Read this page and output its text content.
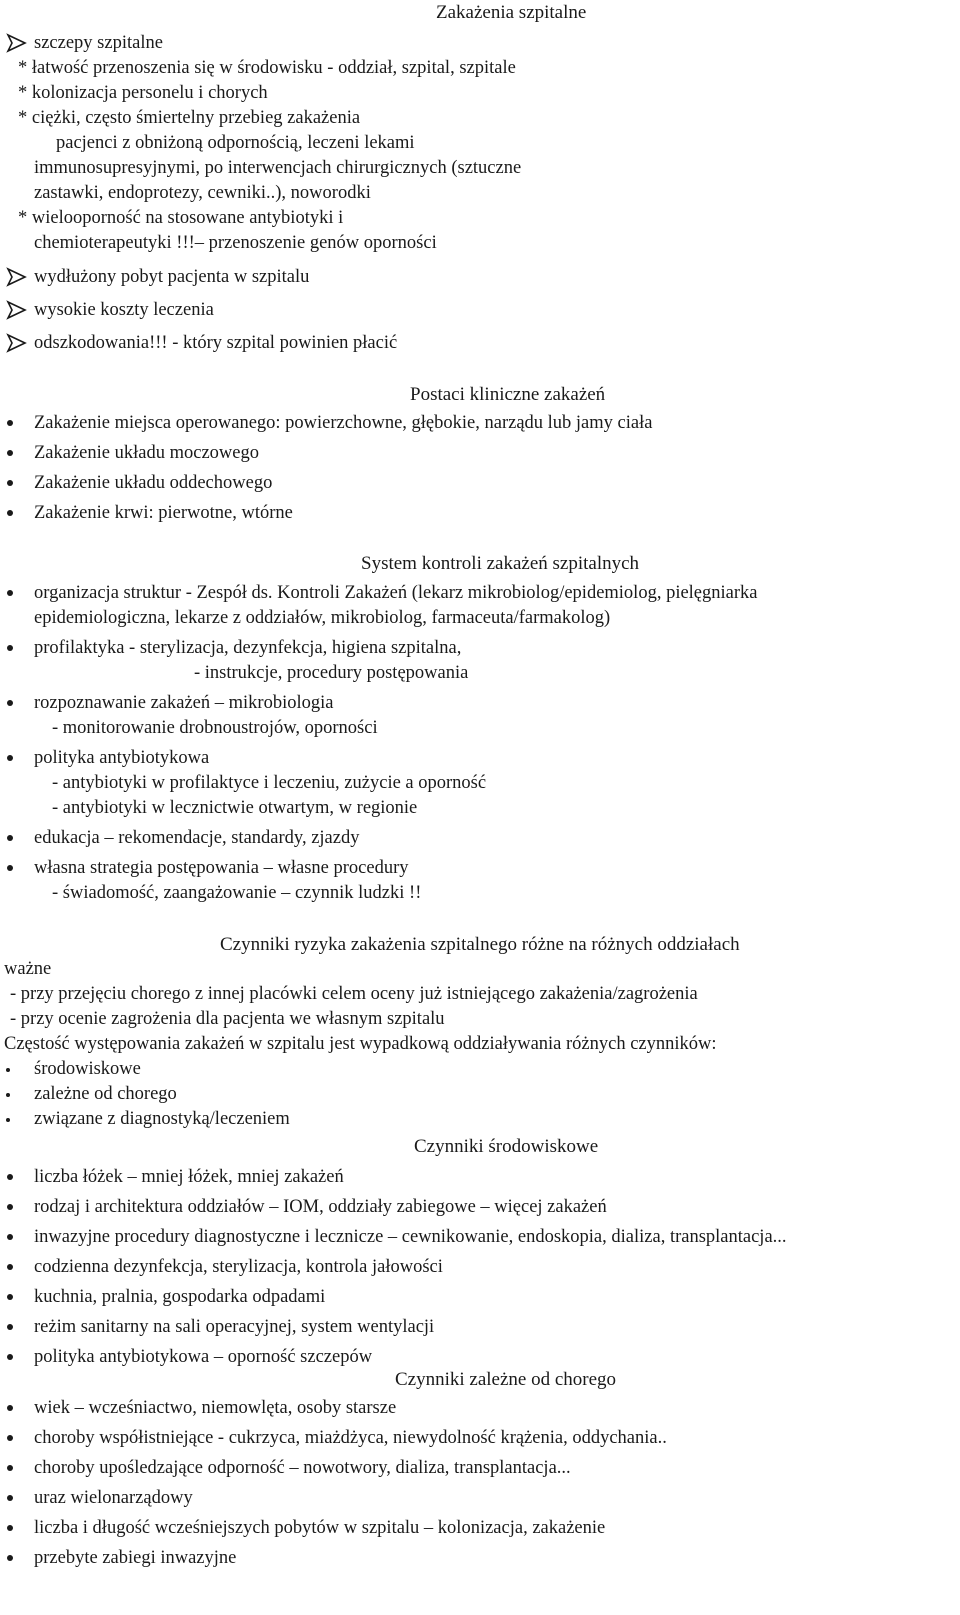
Zakażenia szpitalne
szczepy szpitalne
* łatwość przenoszenia się w środowisku - oddział, szpital, szpitale
* kolonizacja personelu i chorych
* ciężki, często śmiertelny przebieg zakażenia
pacjenci z obniżoną odpornością, leczeni lekami
immunosupresyjnymi, po interwencjach chirurgicznych (sztuczne
zastawki, endoprotezy, cewniki..), noworodki
* wielooporność na stosowane antybiotyki i
chemioterapeutyki !!!– przenoszenie genów oporności
wydłużony pobyt pacjenta w szpitalu
wysokie koszty leczenia
odszkodowania!!! - który szpital powinien płacić
Postaci kliniczne zakażeń
Zakażenie miejsca operowanego: powierzchowne, głębokie, narządu lub jamy ciała
Zakażenie układu moczowego
Zakażenie układu oddechowego
Zakażenie krwi: pierwotne, wtórne
System kontroli zakażeń szpitalnych
organizacja struktur - Zespół ds. Kontroli Zakażeń (lekarz mikrobiolog/epidemiolog, pielęgniarka
epidemiologiczna, lekarze z oddziałów, mikrobiolog, farmaceuta/farmakolog)
profilaktyka - sterylizacja, dezynfekcja, higiena szpitalna,
- instrukcje, procedury postępowania
rozpoznawanie zakażeń – mikrobiologia
- monitorowanie drobnoustrojów, oporności
polityka antybiotykowa
- antybiotyki w profilaktyce i leczeniu, zużycie a oporność
- antybiotyki w lecznictwie otwartym, w regionie
edukacja – rekomendacje, standardy, zjazdy
własna strategia postępowania – własne procedury
- świadomość, zaangażowanie – czynnik ludzki !!
Czynniki ryzyka zakażenia szpitalnego różne na różnych oddziałach
ważne
- przy przejęciu chorego z innej placówki celem oceny już istniejącego zakażenia/zagrożenia
- przy ocenie zagrożenia dla pacjenta we własnym szpitalu
Częstość występowania zakażeń w szpitalu jest wypadkową oddziaływania różnych czynników:
środowiskowe
zależne od chorego
związane z diagnostyką/leczeniem
Czynniki środowiskowe
liczba łóżek – mniej łóżek, mniej zakażeń
rodzaj i architektura oddziałów – IOM, oddziały zabiegowe – więcej zakażeń
inwazyjne procedury diagnostyczne i lecznicze – cewnikowanie, endoskopia, dializa, transplantacja...
codzienna dezynfekcja, sterylizacja, kontrola jałowości
kuchnia, pralnia, gospodarka odpadami
reżim sanitarny na sali operacyjnej, system wentylacji
polityka antybiotykowa – oporność szczepów
Czynniki zależne od chorego
wiek – wcześniactwo, niemowlęta, osoby starsze
choroby współistniejące - cukrzyca, miażdżyca, niewydolność krążenia, oddychania..
choroby upośledzające odporność – nowotwory, dializa, transplantacja...
uraz wielonarządowy
liczba i długość wcześniejszych pobytów w szpitalu – kolonizacja, zakażenie
przebyte zabiegi inwazyjne
